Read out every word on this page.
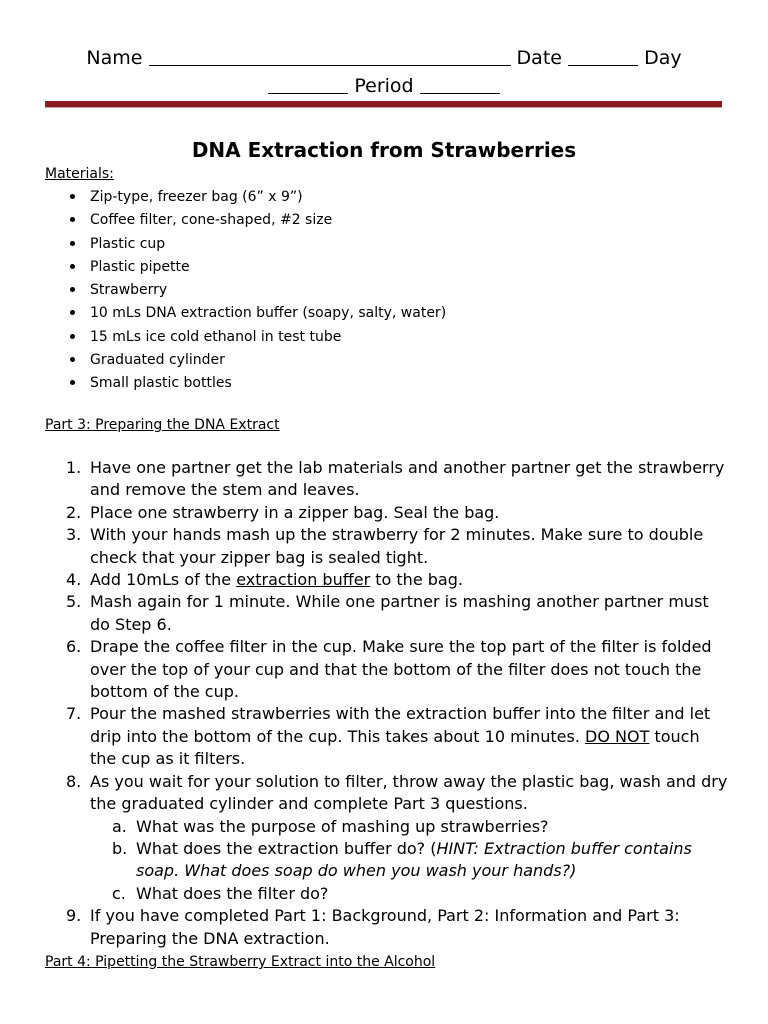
Name	Date	Day
Period
DNA Extraction from Strawberries
Materials:
Zip-type, freezer bag (6” x 9”)
Coffee filter, cone-shaped, #2 size
Plastic cup
Plastic pipette
Strawberry
10 mLs DNA extraction buffer (soapy, salty, water)
15 mLs ice cold ethanol in test tube
Graduated cylinder
Small plastic bottles
Part 3: Preparing the DNA Extract
1. Have one partner get the lab materials and another partner get the strawberry and remove the stem and leaves.
2. Place one strawberry in a zipper bag. Seal the bag.
3. With your hands mash up the strawberry for 2 minutes. Make sure to double check that your zipper bag is sealed tight.
4. Add 10mLs of the extraction buffer to the bag.
5. Mash again for 1 minute. While one partner is mashing another partner must do Step 6.
6. Drape the coffee filter in the cup. Make sure the top part of the filter is folded over the top of your cup and that the bottom of the filter does not touch the bottom of the cup.
7. Pour the mashed strawberries with the extraction buffer into the filter and let drip into the bottom of the cup. This takes about 10 minutes. DO NOT touch the cup as it filters.
8. As you wait for your solution to filter, throw away the plastic bag, wash and dry the graduated cylinder and complete Part 3 questions.
a. What was the purpose of mashing up strawberries?
b. What does the extraction buffer do? (HINT: Extraction buffer contains soap. What does soap do when you wash your hands?)
c. What does the filter do?
9. If you have completed Part 1: Background, Part 2: Information and Part 3: Preparing the DNA extraction.
Part 4: Pipetting the Strawberry Extract into the Alcohol
